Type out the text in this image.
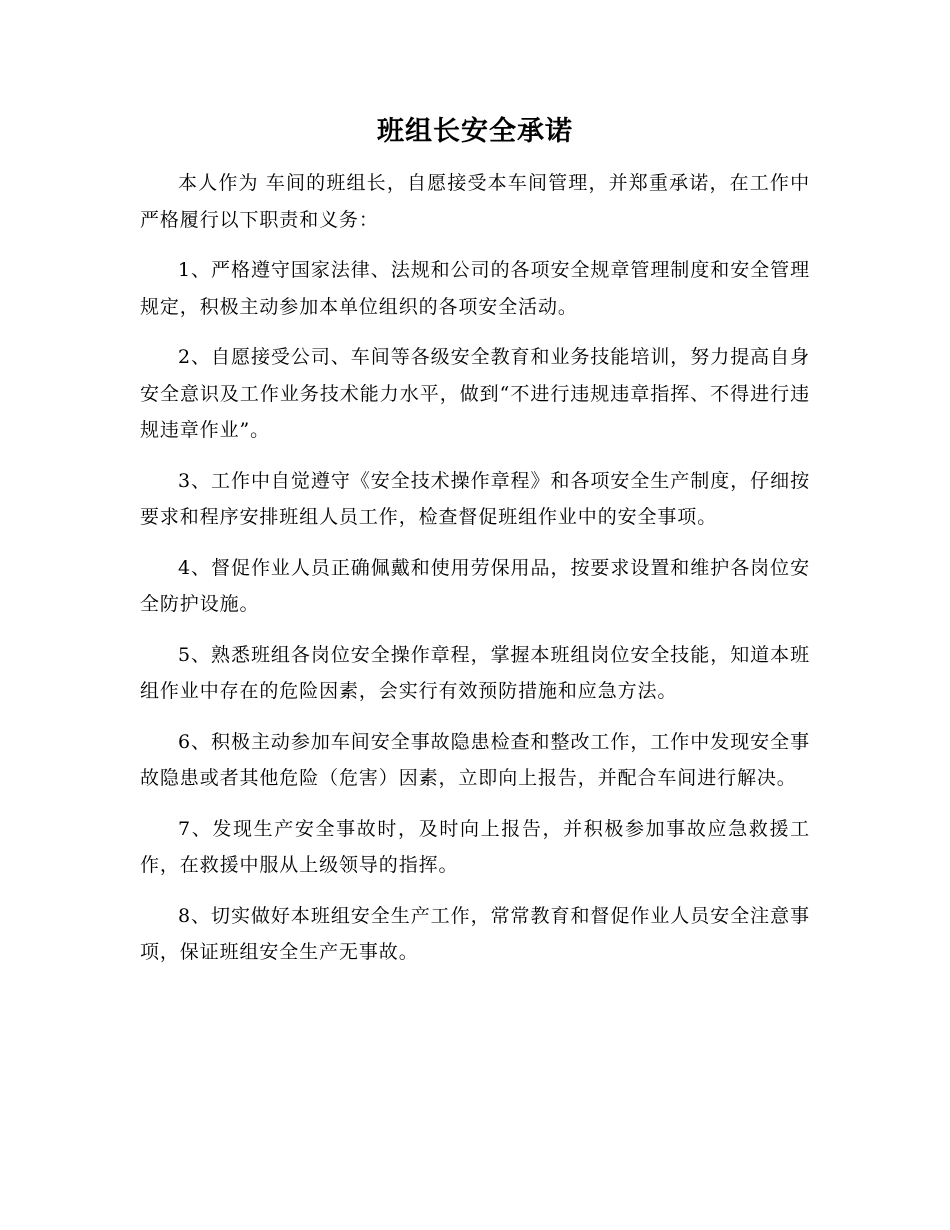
班组长安全承诺

本人作为 车间的班组长，自愿接受本车间管理，并郑重承诺，在工作中严格履行以下职责和义务：

1、严格遵守国家法律、法规和公司的各项安全规章管理制度和安全管理规定，积极主动参加本单位组织的各项安全活动。

2、自愿接受公司、车间等各级安全教育和业务技能培训，努力提高自身安全意识及工作业务技术能力水平，做到“不进行违规违章指挥、不得进行违规违章作业”。

3、工作中自觉遵守《安全技术操作章程》和各项安全生产制度，仔细按要求和程序安排班组人员工作，检查督促班组作业中的安全事项。

4、督促作业人员正确佩戴和使用劳保用品，按要求设置和维护各岗位安全防护设施。

5、熟悉班组各岗位安全操作章程，掌握本班组岗位安全技能，知道本班组作业中存在的危险因素，会实行有效预防措施和应急方法。

6、积极主动参加车间安全事故隐患检查和整改工作，工作中发现安全事故隐患或者其他危险（危害）因素，立即向上报告，并配合车间进行解决。

7、发现生产安全事故时，及时向上报告，并积极参加事故应急救援工作，在救援中服从上级领导的指挥。

8、切实做好本班组安全生产工作，常常教育和督促作业人员安全注意事项，保证班组安全生产无事故。
